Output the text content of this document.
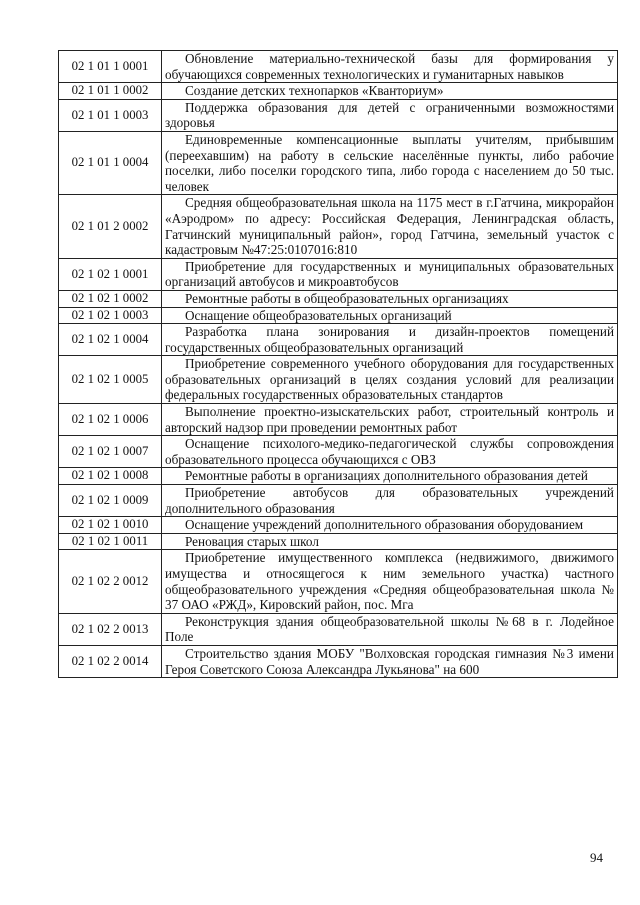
02 1 01 1 0001	Обновление материально-технической базы для формирования у обучающихся современных технологических и гуманитарных навыков

02 1 01 1 0002	Создание детских технопарков «Кванториум»

02 1 01 1 0003	Поддержка образования для детей с ограниченными возможностями здоровья

02 1 01 1 0004	Единовременные компенсационные выплаты учителям, прибывшим (переехавшим) на работу в сельские населённые пункты, либо рабочие поселки, либо поселки городского типа, либо города с населением до 50 тыс. человек

02 1 01 2 0002	Средняя общеобразовательная школа на 1175 мест в г.Гатчина, микрорайон «Аэродром» по адресу: Российская Федерация, Ленинградская область, Гатчинский муниципальный район», город Гатчина, земельный участок с кадастровым №47:25:0107016:810

02 1 02 1 0001	Приобретение для государственных и муниципальных образовательных организаций автобусов и микроавтобусов

02 1 02 1 0002	Ремонтные работы в общеобразовательных организациях

02 1 02 1 0003	Оснащение общеобразовательных организаций

02 1 02 1 0004	Разработка плана зонирования и дизайн-проектов помещений государственных общеобразовательных организаций

02 1 02 1 0005	Приобретение современного учебного оборудования для государственных образовательных организаций в целях создания условий для реализации федеральных государственных образовательных стандартов

02 1 02 1 0006	Выполнение проектно-изыскательских работ, строительный контроль и авторский надзор при проведении ремонтных работ

02 1 02 1 0007	Оснащение психолого-медико-педагогической службы сопровождения образовательного процесса обучающихся с ОВЗ

02 1 02 1 0008	Ремонтные работы в организациях дополнительного образования детей

02 1 02 1 0009	Приобретение автобусов для образовательных учреждений дополнительного образования

02 1 02 1 0010	Оснащение учреждений дополнительного образования оборудованием

02 1 02 1 0011	Реновация старых школ

02 1 02 2 0012	Приобретение имущественного комплекса (недвижимого, движимого имущества и относящегося к ним земельного участка) частного общеобразовательного учреждения «Средняя общеобразовательная школа № 37 ОАО «РЖД», Кировский район, пос. Мга

02 1 02 2 0013	Реконструкция здания общеобразовательной школы №68 в г. Лодейное Поле

02 1 02 2 0014	Строительство здания МОБУ "Волховская городская гимназия №3 имени Героя Советского Союза Александра Лукьянова" на 600
94
